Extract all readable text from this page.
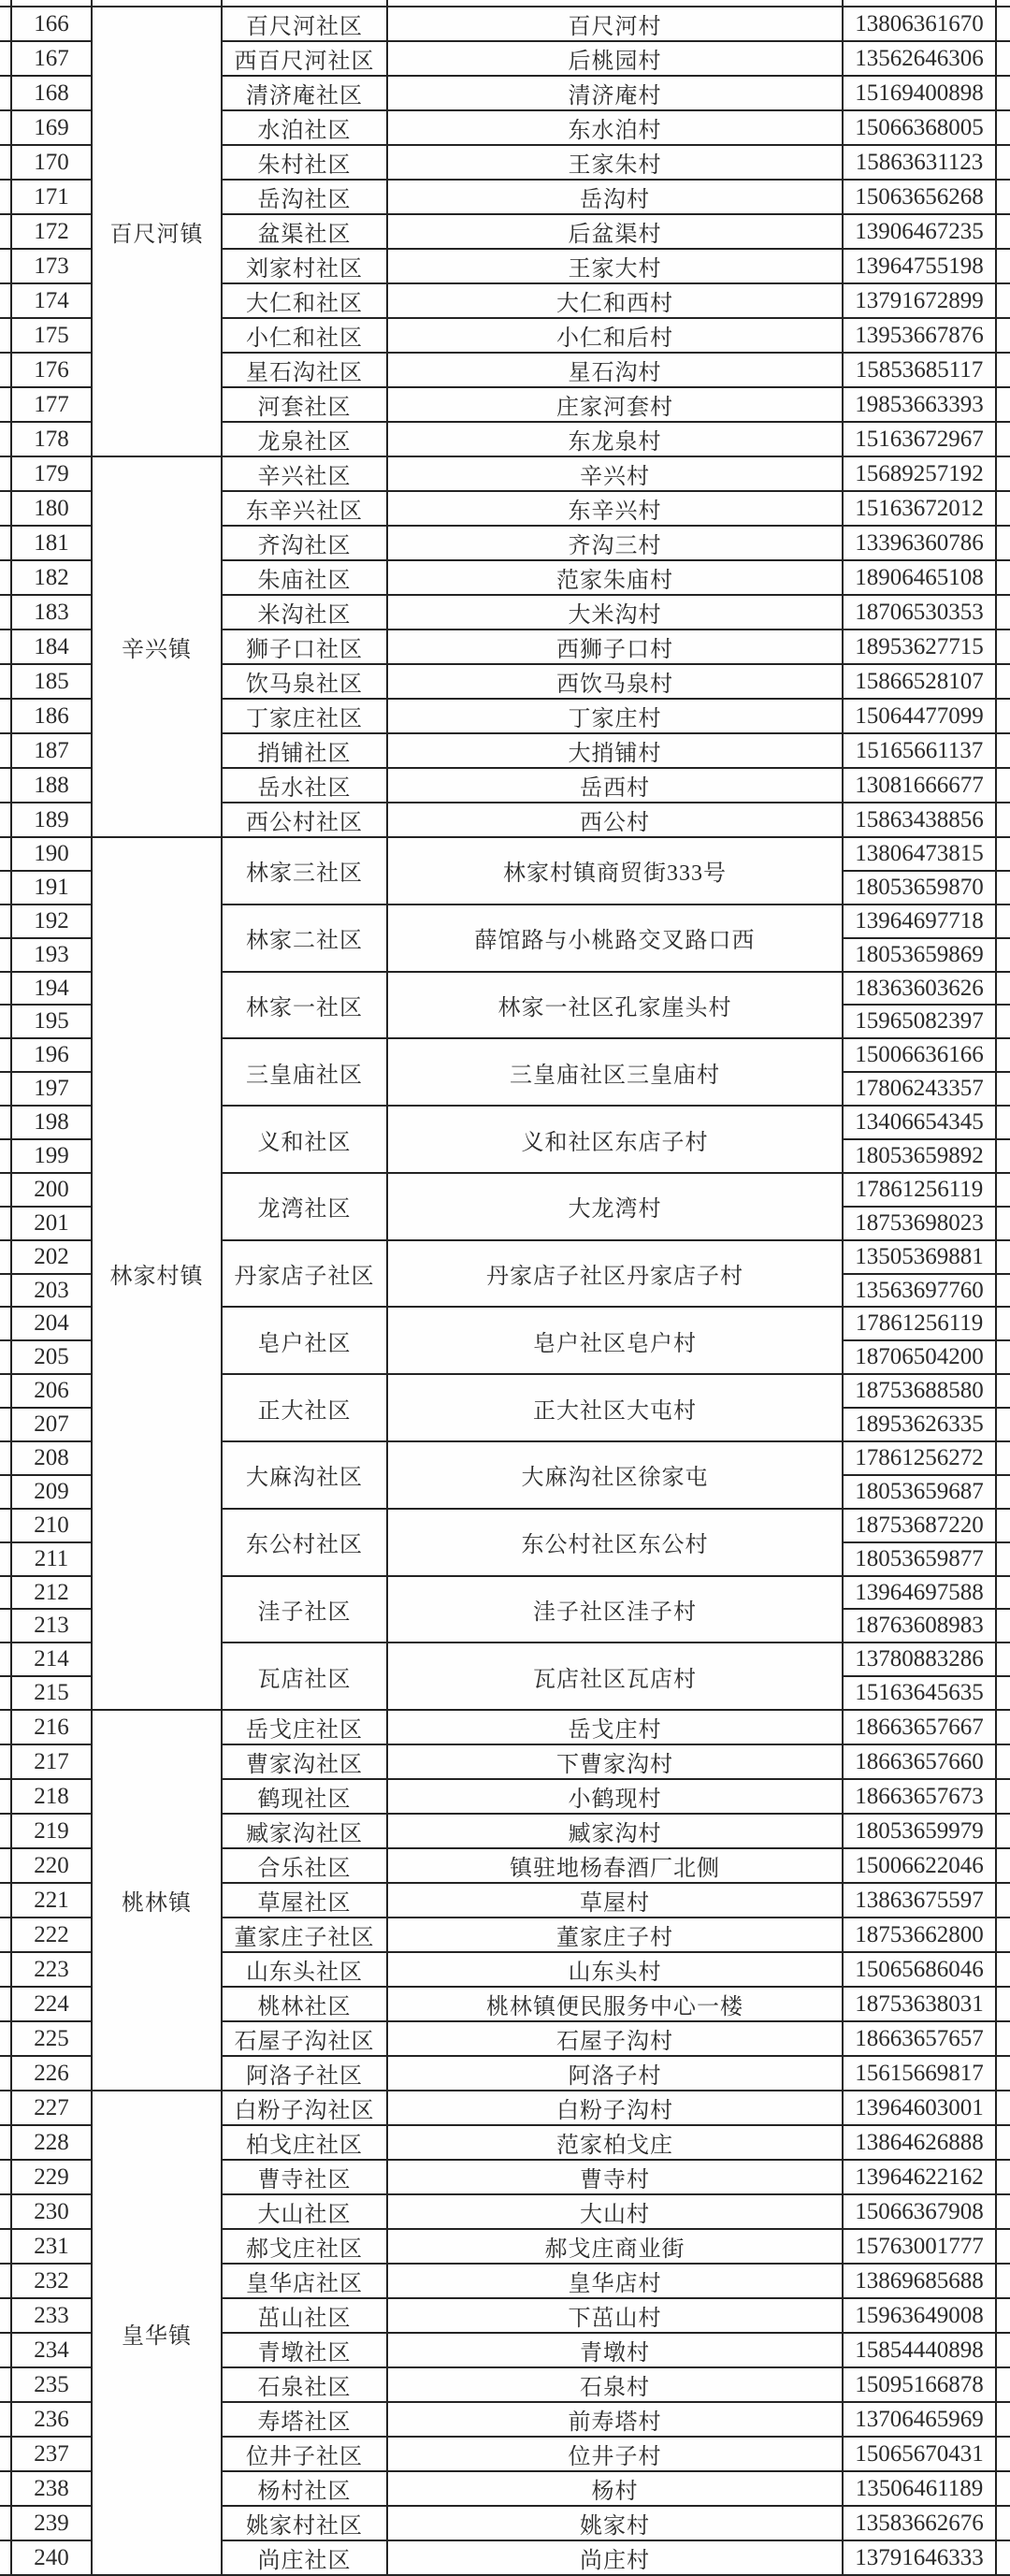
	166	百尺河镇	百尺河社区	百尺河村	13806361670	
	167		西百尺河社区	后桃园村	13562646306	
	168		清济庵社区	清济庵村	15169400898	
	169		水泊社区	东水泊村	15066368005	
	170		朱村社区	王家朱村	15863631123	
	171		岳沟社区	岳沟村	15063656268	
	172		盆渠社区	后盆渠村	13906467235	
	173		刘家村社区	王家大村	13964755198	
	174		大仁和社区	大仁和西村	13791672899	
	175		小仁和社区	小仁和后村	13953667876	
	176		星石沟社区	星石沟村	15853685117	
	177		河套社区	庄家河套村	19853663393	
	178		龙泉社区	东龙泉村	15163672967	
	179	辛兴镇	辛兴社区	辛兴村	15689257192	
	180		东辛兴社区	东辛兴村	15163672012	
	181		齐沟社区	齐沟三村	13396360786	
	182		朱庙社区	范家朱庙村	18906465108	
	183		米沟社区	大米沟村	18706530353	
	184		狮子口社区	西狮子口村	18953627715	
	185		饮马泉社区	西饮马泉村	15866528107	
	186		丁家庄社区	丁家庄村	15064477099	
	187		捎铺社区	大捎铺村	15165661137	
	188		岳水社区	岳西村	13081666677	
	189		西公村社区	西公村	15863438856	
	190	林家村镇	林家三社区	林家村镇商贸街333号	13806473815	
	191				18053659870	
	192		林家二社区	薛馆路与小桃路交叉路口西	13964697718	
	193				18053659869	
	194		林家一社区	林家一社区孔家崖头村	18363603626	
	195				15965082397	
	196		三皇庙社区	三皇庙社区三皇庙村	15006636166	
	197				17806243357	
	198		义和社区	义和社区东店子村	13406654345	
	199				18053659892	
	200		龙湾社区	大龙湾村	17861256119	
	201				18753698023	
	202		丹家店子社区	丹家店子社区丹家店子村	13505369881	
	203				13563697760	
	204		皂户社区	皂户社区皂户村	17861256119	
	205				18706504200	
	206		正大社区	正大社区大屯村	18753688580	
	207				18953626335	
	208		大麻沟社区	大麻沟社区徐家屯	17861256272	
	209				18053659687	
	210		东公村社区	东公村社区东公村	18753687220	
	211				18053659877	
	212		洼子社区	洼子社区洼子村	13964697588	
	213				18763608983	
	214		瓦店社区	瓦店社区瓦店村	13780883286	
	215				15163645635	
	216	桃林镇	岳戈庄社区	岳戈庄村	18663657667	
	217		曹家沟社区	下曹家沟村	18663657660	
	218		鹤现社区	小鹤现村	18663657673	
	219		臧家沟社区	臧家沟村	18053659979	
	220		合乐社区	镇驻地杨春酒厂北侧	15006622046	
	221		草屋社区	草屋村	13863675597	
	222		董家庄子社区	董家庄子村	18753662800	
	223		山东头社区	山东头村	15065686046	
	224		桃林社区	桃林镇便民服务中心一楼	18753638031	
	225		石屋子沟社区	石屋子沟村	18663657657	
	226		阿洛子社区	阿洛子村	15615669817	
	227	皇华镇	白粉子沟社区	白粉子沟村	13964603001	
	228		柏戈庄社区	范家柏戈庄	13864626888	
	229		曹寺社区	曹寺村	13964622162	
	230		大山社区	大山村	15066367908	
	231		郝戈庄社区	郝戈庄商业街	15763001777	
	232		皇华店社区	皇华店村	13869685688	
	233		茁山社区	下茁山村	15963649008	
	234		青墩社区	青墩村	15854440898	
	235		石泉社区	石泉村	15095166878	
	236		寿塔社区	前寿塔村	13706465969	
	237		位井子社区	位井子村	15065670431	
	238		杨村社区	杨村	13506461189	
	239		姚家村社区	姚家村	13583662676	
	240		尚庄社区	尚庄村	13791646333	
